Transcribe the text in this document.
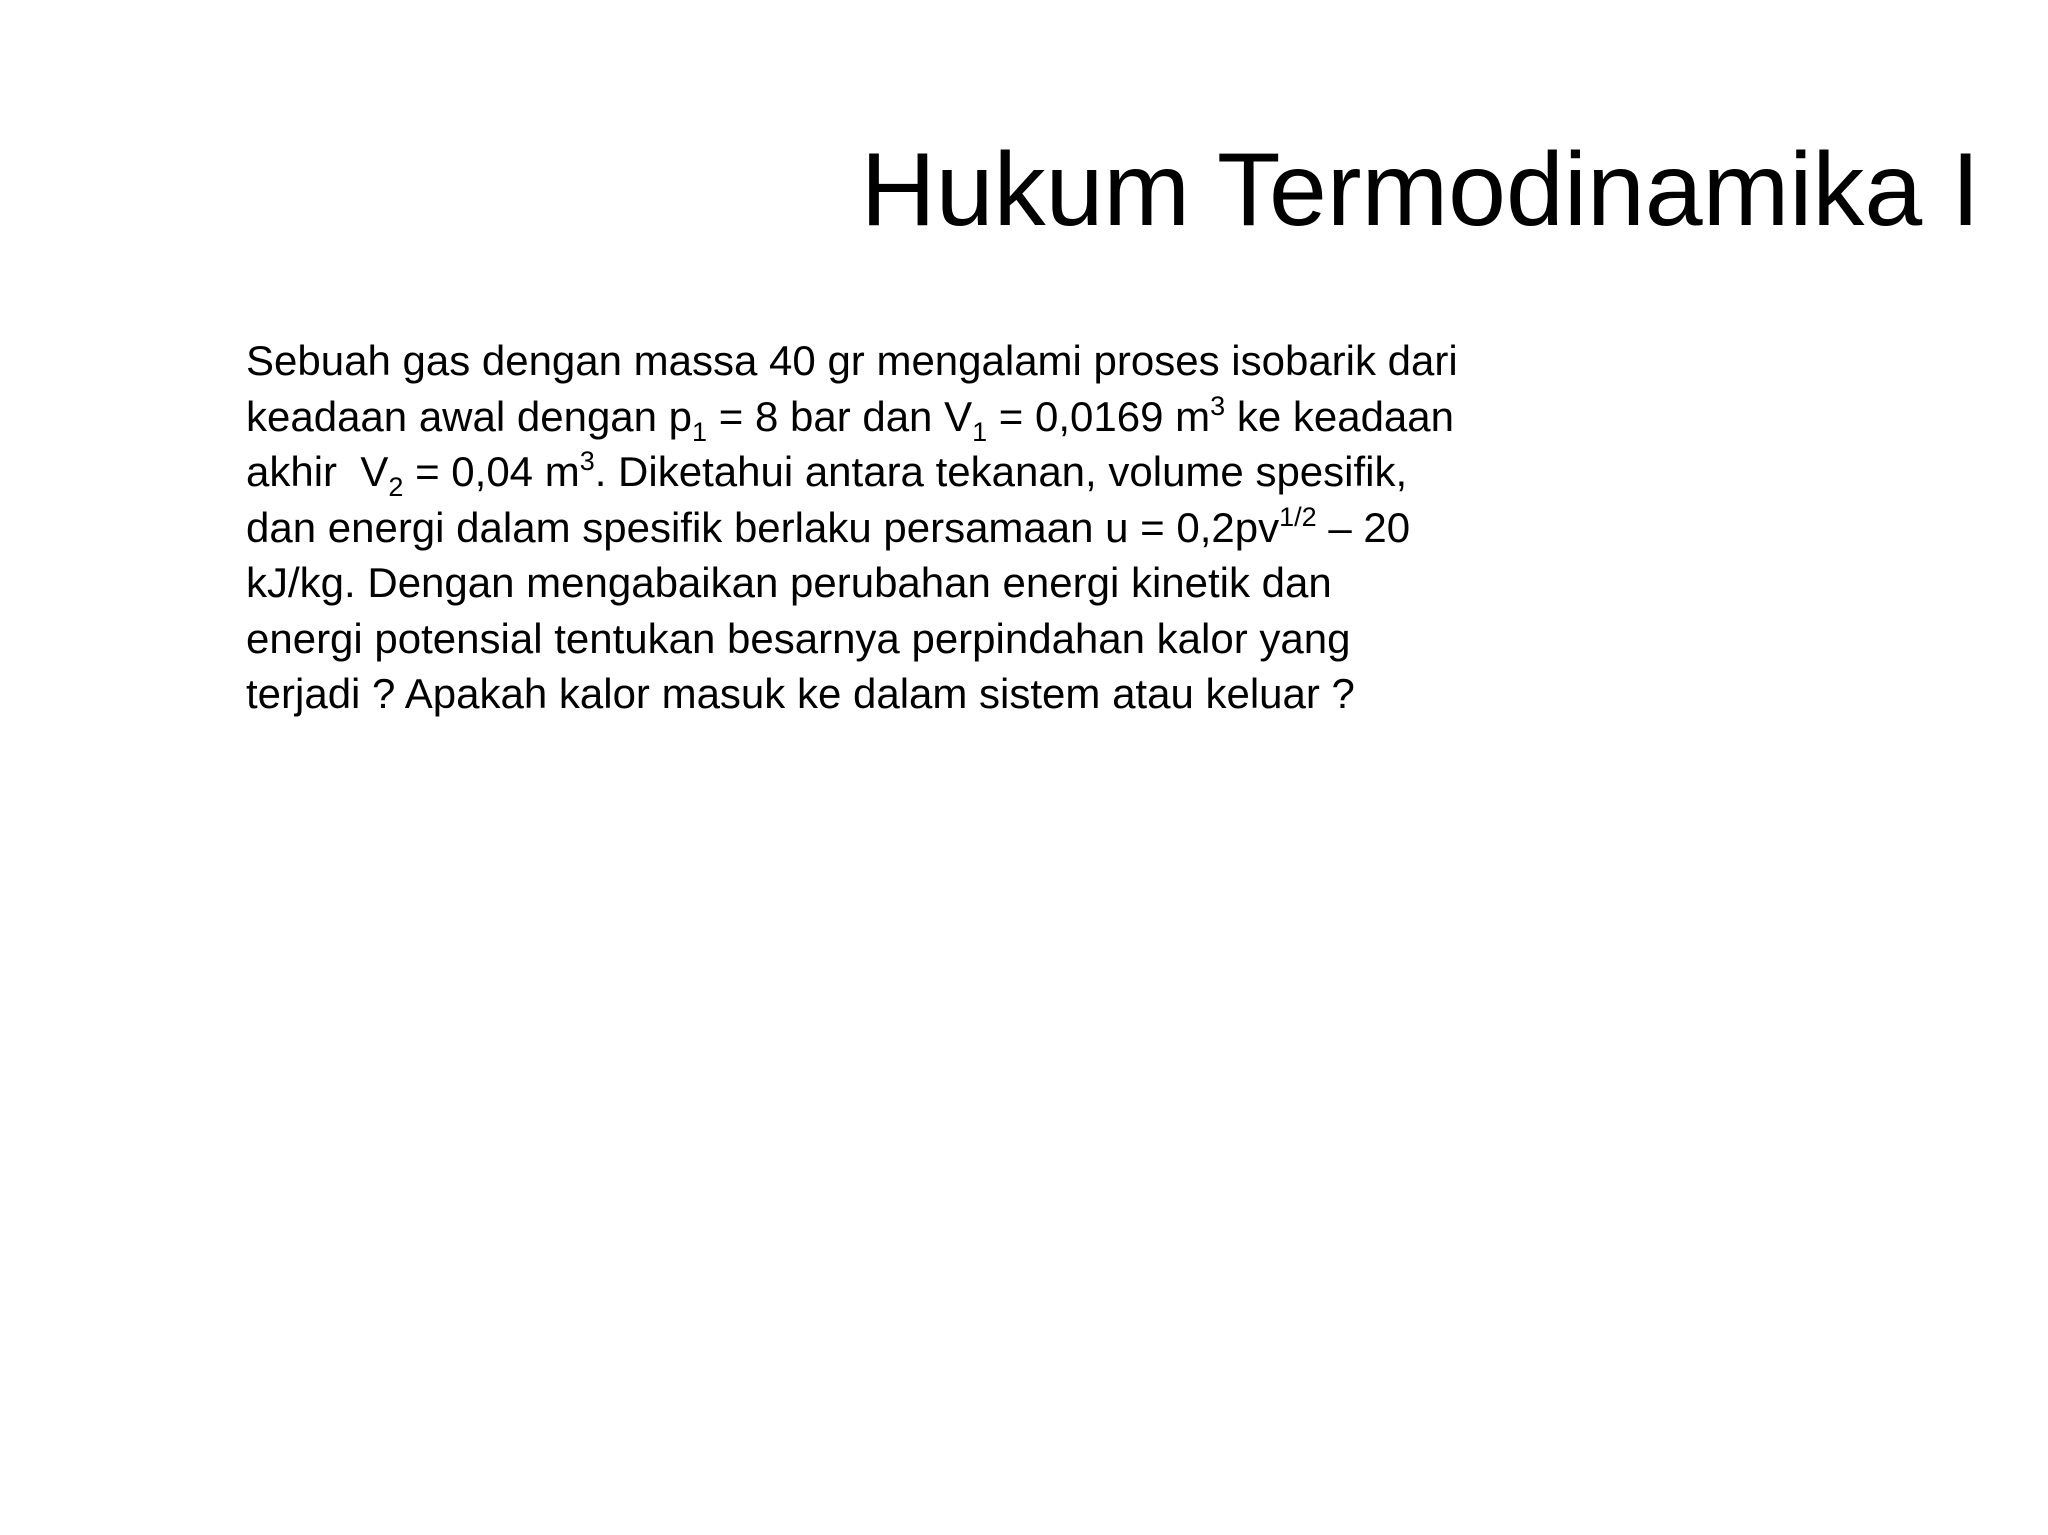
Hukum Termodinamika I
Sebuah gas dengan massa 40 gr mengalami proses isobarik dari
keadaan awal dengan $p_1 = 8$ bar dan $V_1 = 0,0169$ $m^3$ ke keadaan
akhir  $V_2 = 0,04$ $m^3$. Diketahui antara tekanan, volume spesifik,
dan energi dalam spesifik berlaku persamaan $u = 0,2pv^{1/2} - 20$
kJ/kg. Dengan mengabaikan perubahan energi kinetik dan
energi potensial tentukan besarnya perpindahan kalor yang
terjadi ? Apakah kalor masuk ke dalam sistem atau keluar ?
